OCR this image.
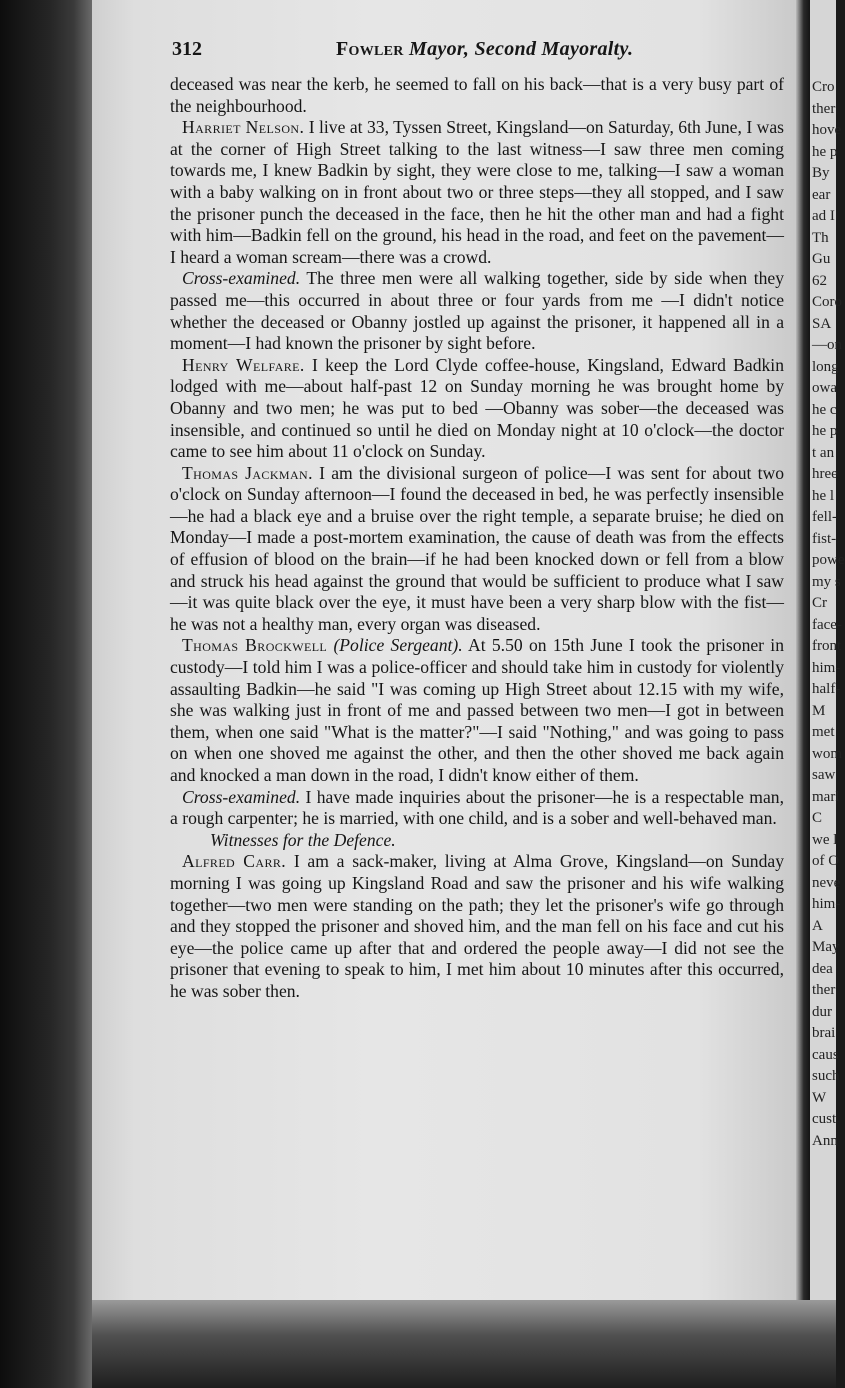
Cro
ther
hove
he p
By
ear
ad I
Th
Gu
62
Coro
SA
—on
long
owa
he c
he p
t an
hree
he l
fell-
fist-
powe
my s
Cr
face-
front
him-
half-
M
met
wom
saw
marl
C
we l
of O
neve
him-
A
May
dea
ther
dur
brai
caus
such
W
cust
Ann
312	Fowler Mayor, Second Mayoralty.

deceased was near the kerb, he seemed to fall on his back—that is a very busy part of the neighbourhood.

Harriet Nelson. I live at 33, Tyssen Street, Kingsland—on Saturday, 6th June, I was at the corner of High Street talking to the last witness—I saw three men coming towards me, I knew Badkin by sight, they were close to me, talking—I saw a woman with a baby walking on in front about two or three steps—they all stopped, and I saw the prisoner punch the deceased in the face, then he hit the other man and had a fight with him—Badkin fell on the ground, his head in the road, and feet on the pavement—I heard a woman scream—there was a crowd.

Cross-examined. The three men were all walking together, side by side when they passed me—this occurred in about three or four yards from me —I didn't notice whether the deceased or Obanny jostled up against the prisoner, it happened all in a moment—I had known the prisoner by sight before.

Henry Welfare. I keep the Lord Clyde coffee-house, Kingsland, Edward Badkin lodged with me—about half-past 12 on Sunday morning he was brought home by Obanny and two men; he was put to bed —Obanny was sober—the deceased was insensible, and continued so until he died on Monday night at 10 o'clock—the doctor came to see him about 11 o'clock on Sunday.

Thomas Jackman. I am the divisional surgeon of police—I was sent for about two o'clock on Sunday afternoon—I found the deceased in bed, he was perfectly insensible—he had a black eye and a bruise over the right temple, a separate bruise; he died on Monday—I made a post-mortem examination, the cause of death was from the effects of effusion of blood on the brain—if he had been knocked down or fell from a blow and struck his head against the ground that would be sufficient to produce what I saw—it was quite black over the eye, it must have been a very sharp blow with the fist—he was not a healthy man, every organ was diseased.

Thomas Brockwell (Police Sergeant). At 5.50 on 15th June I took the prisoner in custody—I told him I was a police-officer and should take him in custody for violently assaulting Badkin—he said "I was coming up High Street about 12.15 with my wife, she was walking just in front of me and passed between two men—I got in between them, when one said "What is the matter?"—I said "Nothing," and was going to pass on when one shoved me against the other, and then the other shoved me back again and knocked a man down in the road, I didn't know either of them.

Cross-examined. I have made inquiries about the prisoner—he is a respectable man, a rough carpenter; he is married, with one child, and is a sober and well-behaved man.

Witnesses for the Defence.

Alfred Carr. I am a sack-maker, living at Alma Grove, Kingsland—on Sunday morning I was going up Kingsland Road and saw the prisoner and his wife walking together—two men were standing on the path; they let the prisoner's wife go through and they stopped the prisoner and shoved him, and the man fell on his face and cut his eye—the police came up after that and ordered the people away—I did not see the prisoner that evening to speak to him, I met him about 10 minutes after this occurred, he was sober then.
